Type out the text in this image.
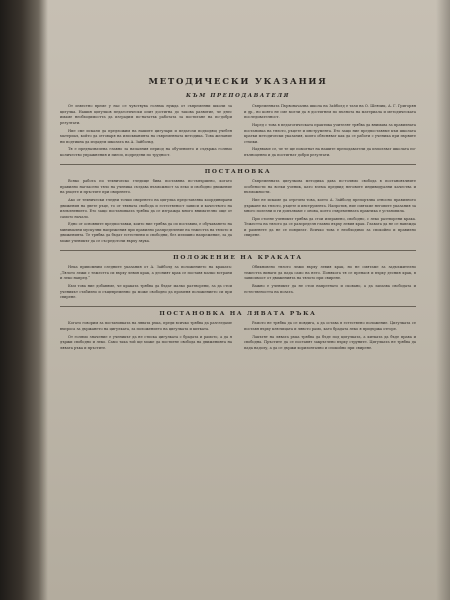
МЕТОДИЧЕСКИ УКАЗАНИЯ
КЪМ ПРЕПОДАВАТЕЛЯ

От известно време у нас се чувствува голяма нужда от съвременни школи за цигулка. Нашия цигулков педагогически опит достигна до такова развитие, че днес имаме необходимостта да изградим по-нататък работата за постигане на по-добри резултати.

Ние сме искали да предложим на нашите цигулари и педагози подходящ учебен материал, който да отговаря на изискванията на съвременната методика. Това желание ни подтикна да издадем школата на А. Зайбольд.

Тя е предназначена главно за началния период на обучението и съдържа голямо количество упражнения и пиеси, подредени по трудност.

Съвременната Първоначална школа на Зайболд е тази на О. Шевчик, А. Г. Григорян и др., но която не сме могли да я достигнем по пълнота на материала и методическата последователност.

Наред с това в педагогическата практика учителят трябва да внимава за правилната постановка на тялото, ръцете и инструмента. Ето защо ние предпоставяме към школата кратки методически указания, които обясняват как да се работи с ученика при първите стъпки.

Надяваме се, че те ще помогнат на нашите преподаватели да използват школата по-пълноценно и да постигнат добри резултати.

ПОСТАНОВКА

Всяко работа по техническо гледище бива поставяна по-съвършено, когато правилно нагласено тяло на ученика създава възможност за леко и свободно движение на ръцете и пръстите при свиренето.

Ако от технически гледни точки свиренето на цигулка представлява координирани движения на двете ръце, то от тяхната свобода и естественост зависи и качеството на изпълнението. Ето защо постановката трябва да се изгражда много внимателно още от самото начало.

Еднo от основните предпоставки, които ние трябва да си поставим, е обучаването на минимални мускулни напрежения при правилно разпределение на тежестта на тялото и движенията. Те трябва да бъдат естествени и свободни, без излишно напрежение, за да може ученикът да се съсредоточи върху звука.

Съвременната цигулкова методика дава по-голямо свобода в постановъчните особености на всеки ученик, като взема предвид неговите индивидуални качества и възможности.

Ние не искаме да отречем това, което А. Зайболд препоръчва относно правилното държане на тялото, ръцете и инструмента. Напротив, ние смятаме неговите указания за много полезни и ги допълваме с онова, което съвременната практика е установила.

При стоене ученикът трябва да стои изправено, свободно, с леко разтворени крака. Тежестта на тялото да се разпределя главно върху левия крак. Главата да не се навежда и раменете да не се повдигат. Всичко това е необходимо за спокойно и правилно свирене.

ПОЛОЖЕНИЕ НА КРАКАТА

Нека припомним следните указания от А. Зайболд за положението на краката: „Тялото лежи с тежестта си върху левия крак, а десният крак се поставя малко встрани и леко напред.“

Към това ние добавяме, че краката трябва да бъдат малко разтворени, за да стои ученикът стабилно и същевременно да може свободно да променя положението си при свирене.

Обикновено тялото лежи върху левия крак, но не смятаме за задължително тежестта винаги да пада само на него. Понякога тя се пренася и върху десния крак, в зависимост от движенията на тялото при свирене.

Важно е ученикът да не стои напрегнато и скованo, а да запазва свободата и естествеността на позата.

ПОСТАНОВКА НА ЛЯВАТА РЪКА

Когато говорим за постановката на лявата ръка, преди всичко трябва да разгледаме въпроса за държането на цигулката, за положението на цигулката и китката.

От голямо значение е ученикът да не стиска цигулката с брадата и рамото, а да я държи свободно и леко. Само така той ще може да постигне свобода на движенията на лявата ръка и пръстите.

Рамото не трябва да се повдига, а да остава в естествено положение. Цигулката се поставя върху ключицата и лявото рамо, като брадата леко я придържа отгоре.

Лакътят на лявата ръка трябва да бъде под цигулката, а китката да бъде права и свободна. Пръстите да се поставят закръглено върху струните. Цигулката не трябва да пада надолу, а да се държи хоризонтално и спокойно при свирене.
